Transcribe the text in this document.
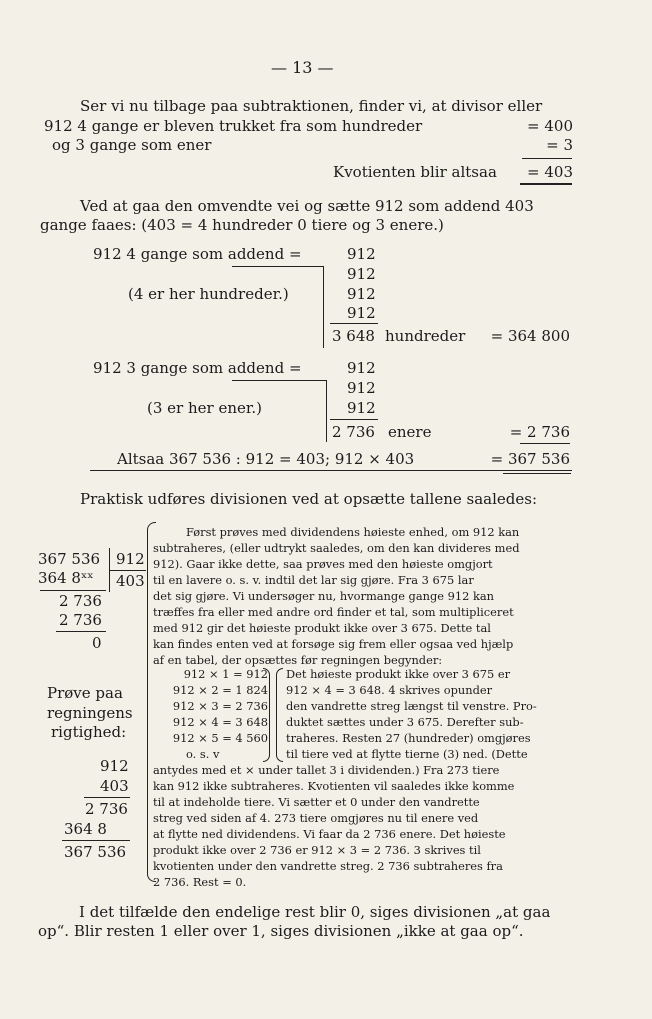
— 13 —
Ser vi nu tilbage paa subtraktionen, finder vi, at divisor eller
912 4 gange er bleven trukket fra som hundreder	= 400
og 3 gange som ener	= 3
Kvotienten blir altsaa	= 403
Ved at gaa den omvendte vei og sætte 912 som addend 403
gange faaes: (403 = 4 hundreder 0 tiere og 3 enere.)
912 4 gange som addend =	912
912
912
912
(4 er her hundreder.)
3 648 hundreder	= 364 800
912 3 gange som addend =	912
912
912
(3 er her ener.)
2 736 enere	= 2 736
Altsaa 367 536 : 912 = 403; 912 × 403	= 367 536
Praktisk udføres divisionen ved at opsætte tallene saaledes:
367 536 912
364 8ˣˣ 403
2 736
2 736
0
Prøve paa
regningens
rigtighed:
912
403
2 736
364 8
367 536
Først prøves med dividendens høieste enhed, om 912 kan
subtraheres, (eller udtrykt saaledes, om den kan divideres med
912). Gaar ikke dette, saa prøves med den høieste omgjort
til en lavere o. s. v. indtil det lar sig gjøre. Fra 3 675 lar
det sig gjøre. Vi undersøger nu, hvormange gange 912 kan
træffes fra eller med andre ord finder et tal, som multipliceret
med 912 gir det høieste produkt ikke over 3 675. Dette tal
kan findes enten ved at forsøge sig frem eller ogsaa ved hjælp
af en tabel, der opsættes før regningen begynder:
912 × 1 = 912
912 × 2 = 1 824
912 × 3 = 2 736
912 × 4 = 3 648
912 × 5 = 4 560
o. s. v
Det høieste produkt ikke over 3 675 er
912 × 4 = 3 648. 4 skrives opunder
den vandrette streg længst til venstre. Pro-
duktet sættes under 3 675. Derefter sub-
traheres. Resten 27 (hundreder) omgjøres
til tiere ved at flytte tierne (3) ned. (Dette
antydes med et × under tallet 3 i dividenden.) Fra 273 tiere
kan 912 ikke subtraheres. Kvotienten vil saaledes ikke komme
til at indeholde tiere. Vi sætter et 0 under den vandrette
streg ved siden af 4. 273 tiere omgjøres nu til enere ved
at flytte ned dividendens. Vi faar da 2 736 enere. Det høieste
produkt ikke over 2 736 er 912 × 3 = 2 736. 3 skrives til
kvotienten under den vandrette streg. 2 736 subtraheres fra
2 736. Rest = 0.
I det tilfælde den endelige rest blir 0, siges divisionen „at gaa
op“. Blir resten 1 eller over 1, siges divisionen „ikke at gaa op“.
